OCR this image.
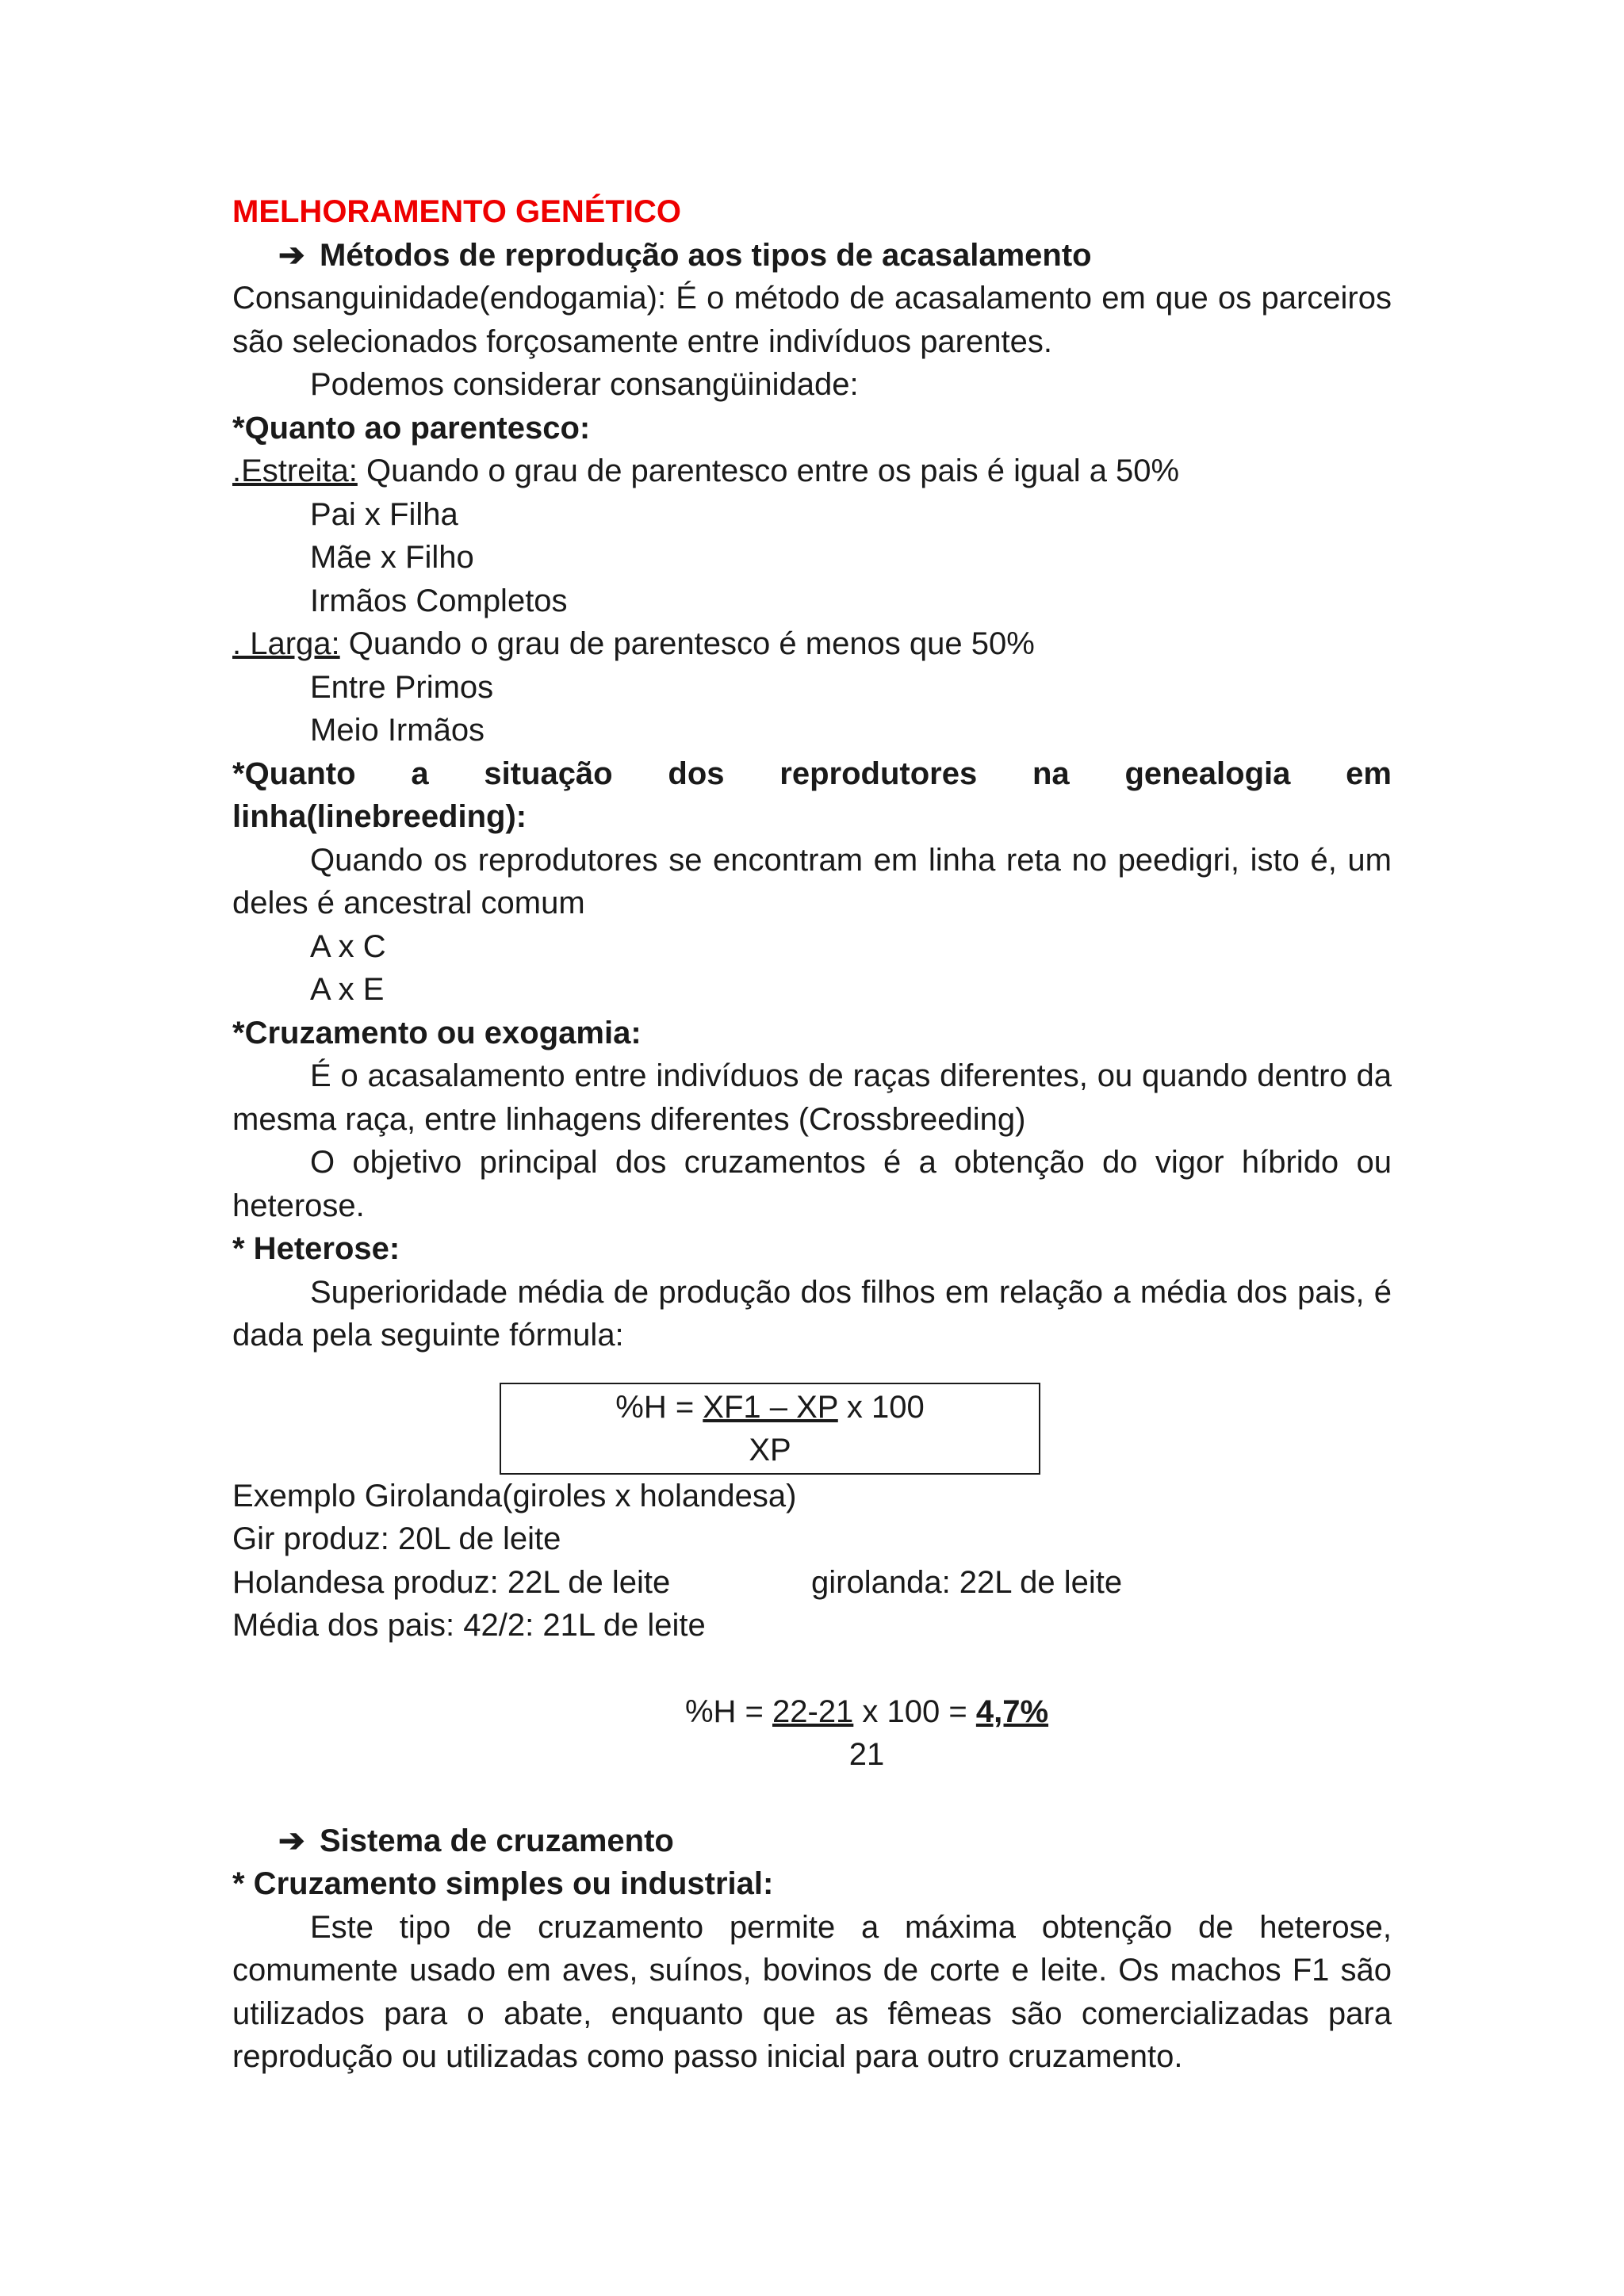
MELHORAMENTO GENÉTICO
➔ Métodos de reprodução aos tipos de acasalamento
Consanguinidade(endogamia): É o método de acasalamento em que os parceiros são selecionados forçosamente entre indivíduos parentes.
Podemos considerar consangüinidade:
*Quanto ao parentesco:
.Estreita: Quando o grau de parentesco entre os pais é igual a 50%
Pai x Filha
Mãe x Filho
Irmãos Completos
. Larga: Quando o grau de parentesco é menos que 50%
Entre Primos
Meio Irmãos
*Quanto a situação dos reprodutores na genealogia em
linha(linebreeding):
Quando os reprodutores se encontram em linha reta no peedigri, isto é, um deles é ancestral comum
A x C
A x E
*Cruzamento ou exogamia:
É o acasalamento entre indivíduos de raças diferentes, ou quando dentro da mesma raça, entre linhagens diferentes (Crossbreeding)
O objetivo principal dos cruzamentos é a obtenção do vigor híbrido ou heterose.
* Heterose:
Superioridade média de produção dos filhos em relação a média dos pais, é dada pela seguinte fórmula:
%H = XF1 – XP x 100
XP
Exemplo Girolanda(giroles x holandesa)
Gir produz: 20L de leite
Holandesa produz: 22L de leite	girolanda: 22L de leite
Média dos pais: 42/2: 21L de leite
%H = 22-21 x 100 = 4,7%
21
➔ Sistema de cruzamento
* Cruzamento simples ou industrial:
Este tipo de cruzamento permite a máxima obtenção de heterose, comumente usado em aves, suínos, bovinos de corte e leite. Os machos F1 são utilizados para o abate, enquanto que as fêmeas são comercializadas para reprodução ou utilizadas como passo inicial para outro cruzamento.
